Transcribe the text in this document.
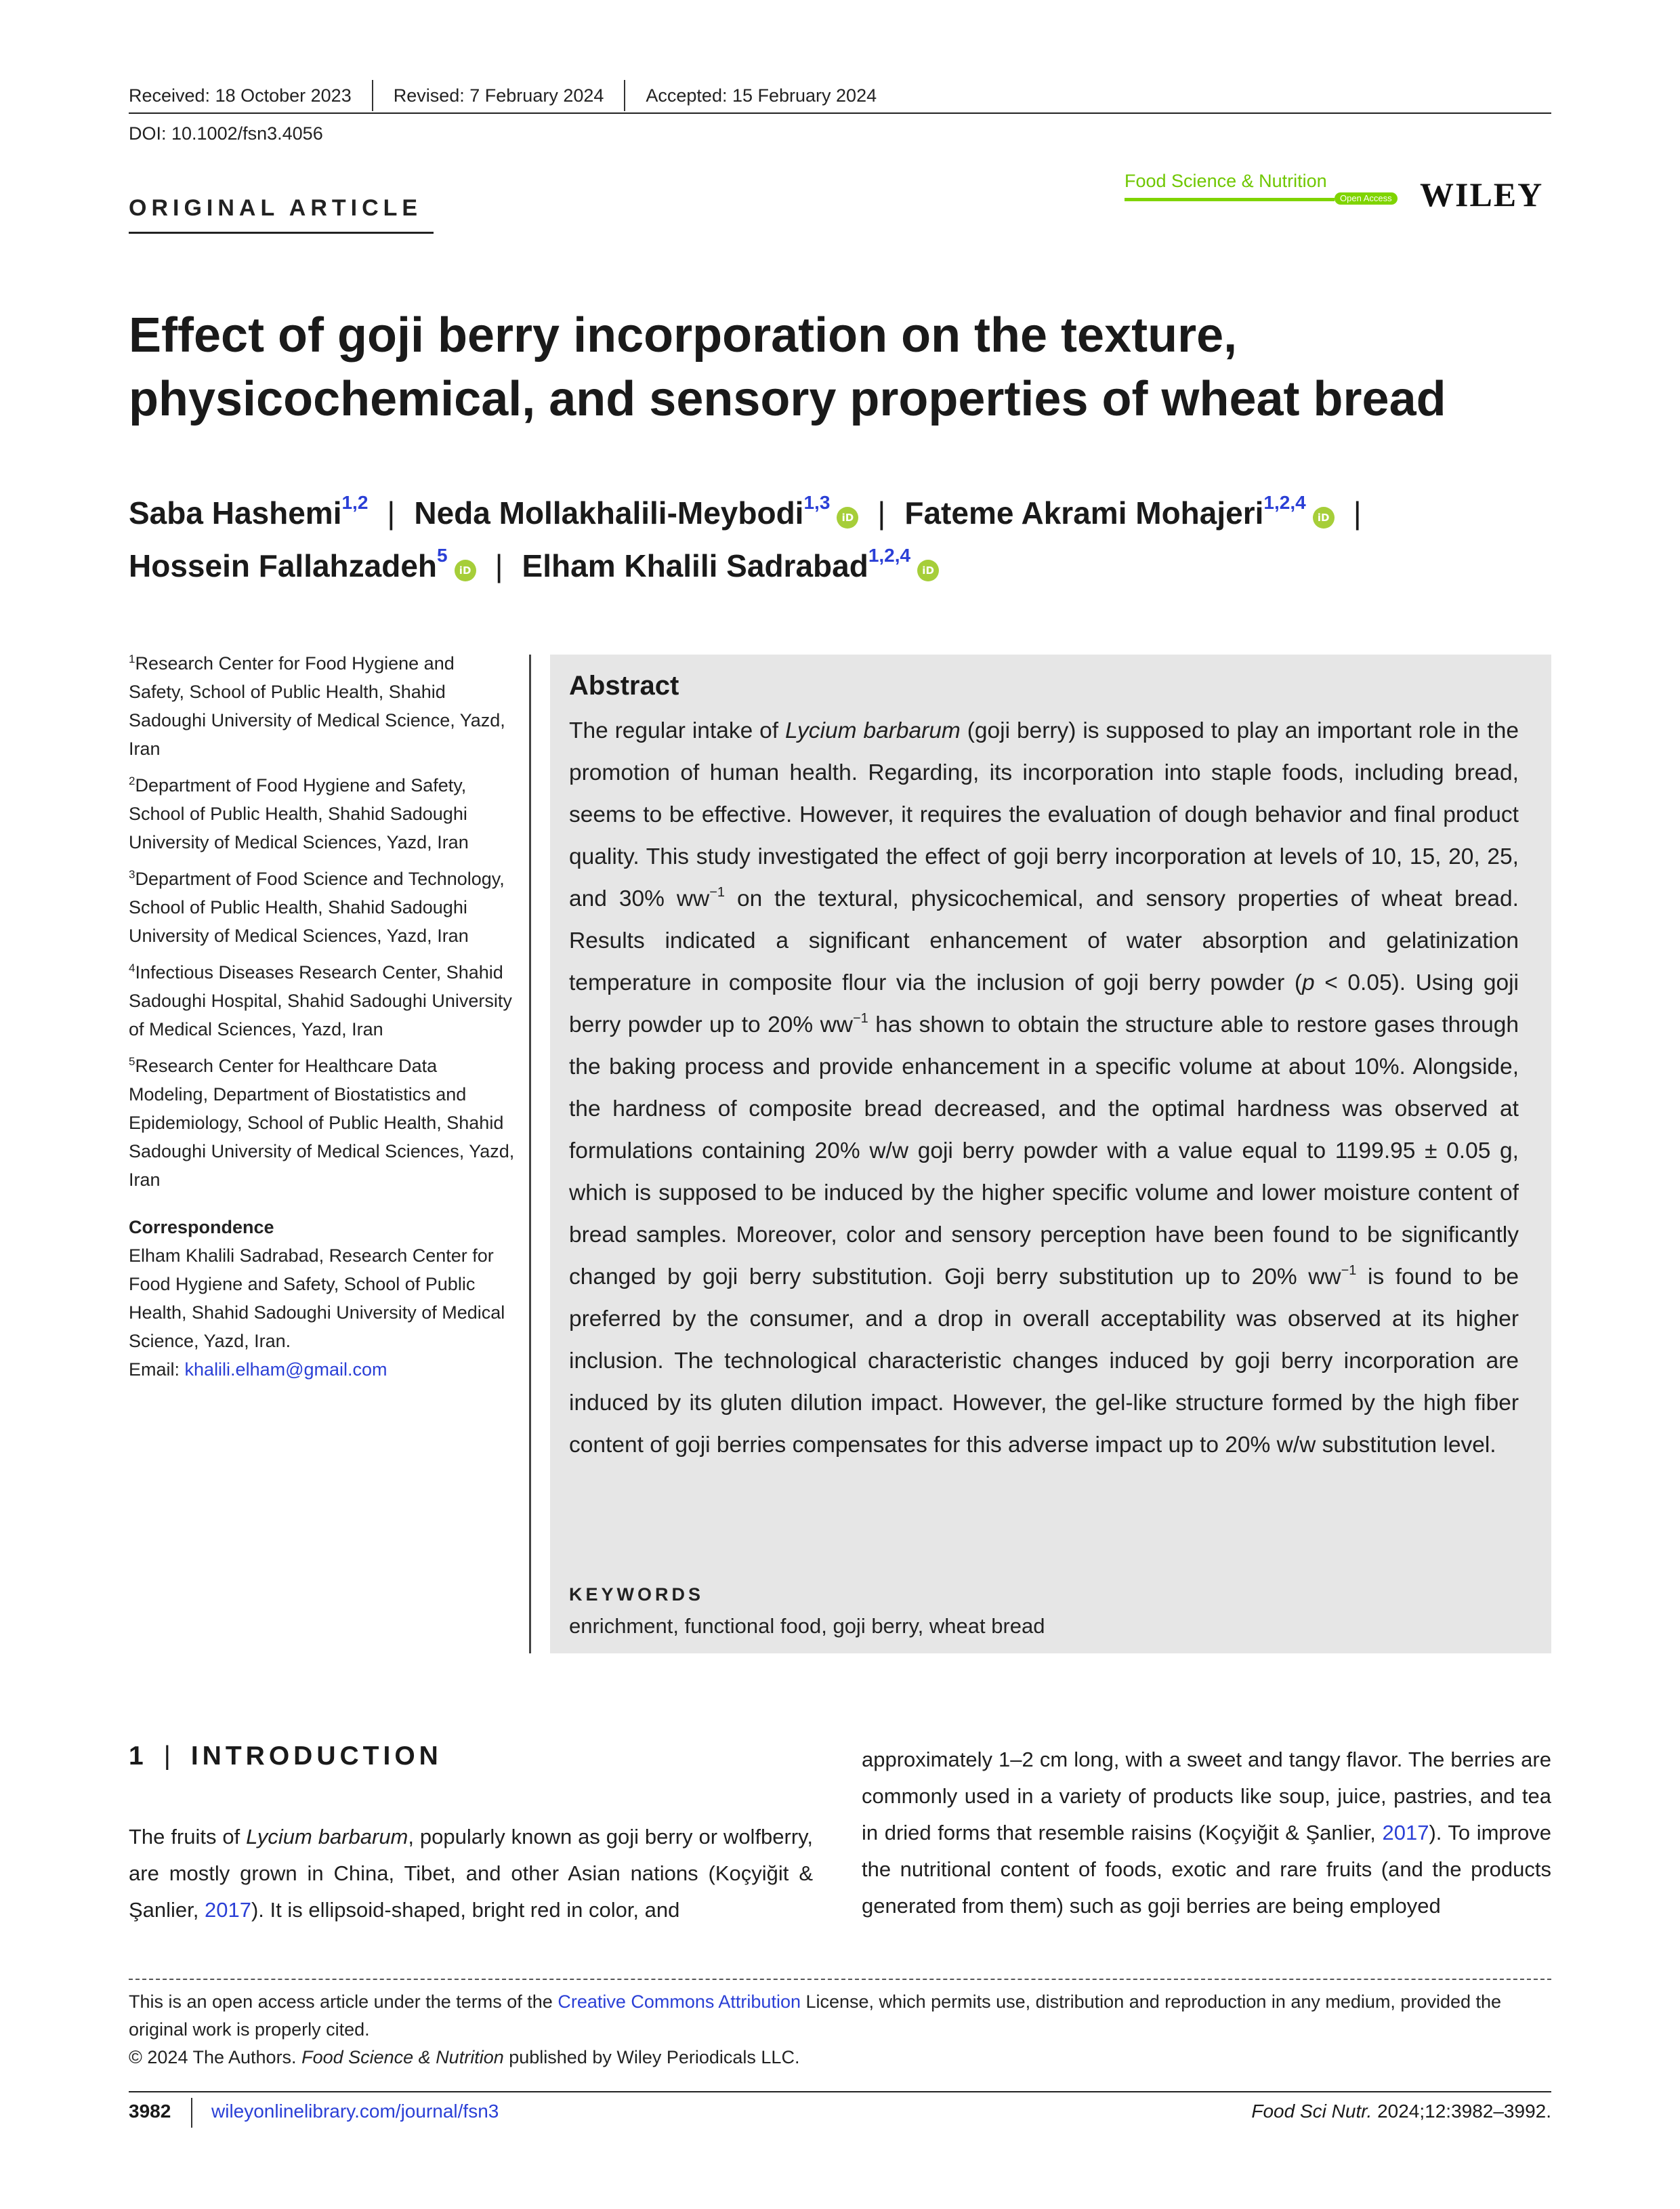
Received: 18 October 2023 Revised: 7 February 2024 Accepted: 15 February 2024
DOI: 10.1002/fsn3.4056
ORIGINAL ARTICLE
Food Science & Nutrition
Open Access WILEY
Effect of goji berry incorporation on the texture, physicochemical, and sensory properties of wheat bread
Saba Hashemi$^{1,2}$ | Neda Mollakhalili-Meybodi$^{1,3}$iD | Fateme Akrami Mohajeri$^{1,2,4}$iD |
Hossein Fallahzadeh$^5$iD | Elham Khalili Sadrabad$^{1,2,4}$iD
$^1$Research Center for Food Hygiene and Safety, School of Public Health, Shahid Sadoughi University of Medical Science, Yazd, Iran
$^2$Department of Food Hygiene and Safety, School of Public Health, Shahid Sadoughi University of Medical Sciences, Yazd, Iran
$^3$Department of Food Science and Technology, School of Public Health, Shahid Sadoughi University of Medical Sciences, Yazd, Iran
$^4$Infectious Diseases Research Center, Shahid Sadoughi Hospital, Shahid Sadoughi University of Medical Sciences, Yazd, Iran
$^5$Research Center for Healthcare Data Modeling, Department of Biostatistics and Epidemiology, School of Public Health, Shahid Sadoughi University of Medical Sciences, Yazd, Iran
Correspondence
Elham Khalili Sadrabad, Research Center for Food Hygiene and Safety, School of Public Health, Shahid Sadoughi University of Medical Science, Yazd, Iran.
Email: khalili.elham@gmail.com
Abstract
The regular intake of Lycium barbarum (goji berry) is supposed to play an important role in the promotion of human health. Regarding, its incorporation into staple foods, including bread, seems to be effective. However, it requires the evaluation of dough behavior and final product quality. This study investigated the effect of goji berry incorporation at levels of 10, 15, 20, 25, and 30% $ww^{-1}$ on the textural, physicochemical, and sensory properties of wheat bread. Results indicated a significant enhancement of water absorption and gelatinization temperature in composite flour via the inclusion of goji berry powder (p < 0.05). Using goji berry powder up to 20% $ww^{-1}$ has shown to obtain the structure able to restore gases through the baking process and provide enhancement in a specific volume at about 10%. Alongside, the hardness of composite bread decreased, and the optimal hardness was observed at formulations containing 20% w/w goji berry powder with a value equal to 1199.95 ± 0.05 g, which is supposed to be induced by the higher specific volume and lower moisture content of bread samples. Moreover, color and sensory perception have been found to be significantly changed by goji berry substitution. Goji berry substitution up to 20% $ww^{-1}$ is found to be preferred by the consumer, and a drop in overall acceptability was observed at its higher inclusion. The technological characteristic changes induced by goji berry incorporation are induced by its gluten dilution impact. However, the gel-like structure formed by the high fiber content of goji berries compensates for this adverse impact up to 20% w/w substitution level.
KEYWORDS
enrichment, functional food, goji berry, wheat bread
1 | INTRODUCTION
The fruits of Lycium barbarum, popularly known as goji berry or wolfberry, are mostly grown in China, Tibet, and other Asian nations (Koçyiğit & Şanlier, 2017). It is ellipsoid-shaped, bright red in color, and
approximately 1–2 cm long, with a sweet and tangy flavor. The berries are commonly used in a variety of products like soup, juice, pastries, and tea in dried forms that resemble raisins (Koçyiğit & Şanlier, 2017). To improve the nutritional content of foods, exotic and rare fruits (and the products generated from them) such as goji berries are being employed
This is an open access article under the terms of the Creative Commons Attribution License, which permits use, distribution and reproduction in any medium, provided the original work is properly cited.
© 2024 The Authors. Food Science & Nutrition published by Wiley Periodicals LLC.
3982 wileyonlinelibrary.com/journal/fsn3	Food Sci Nutr. 2024;12:3982–3992.
